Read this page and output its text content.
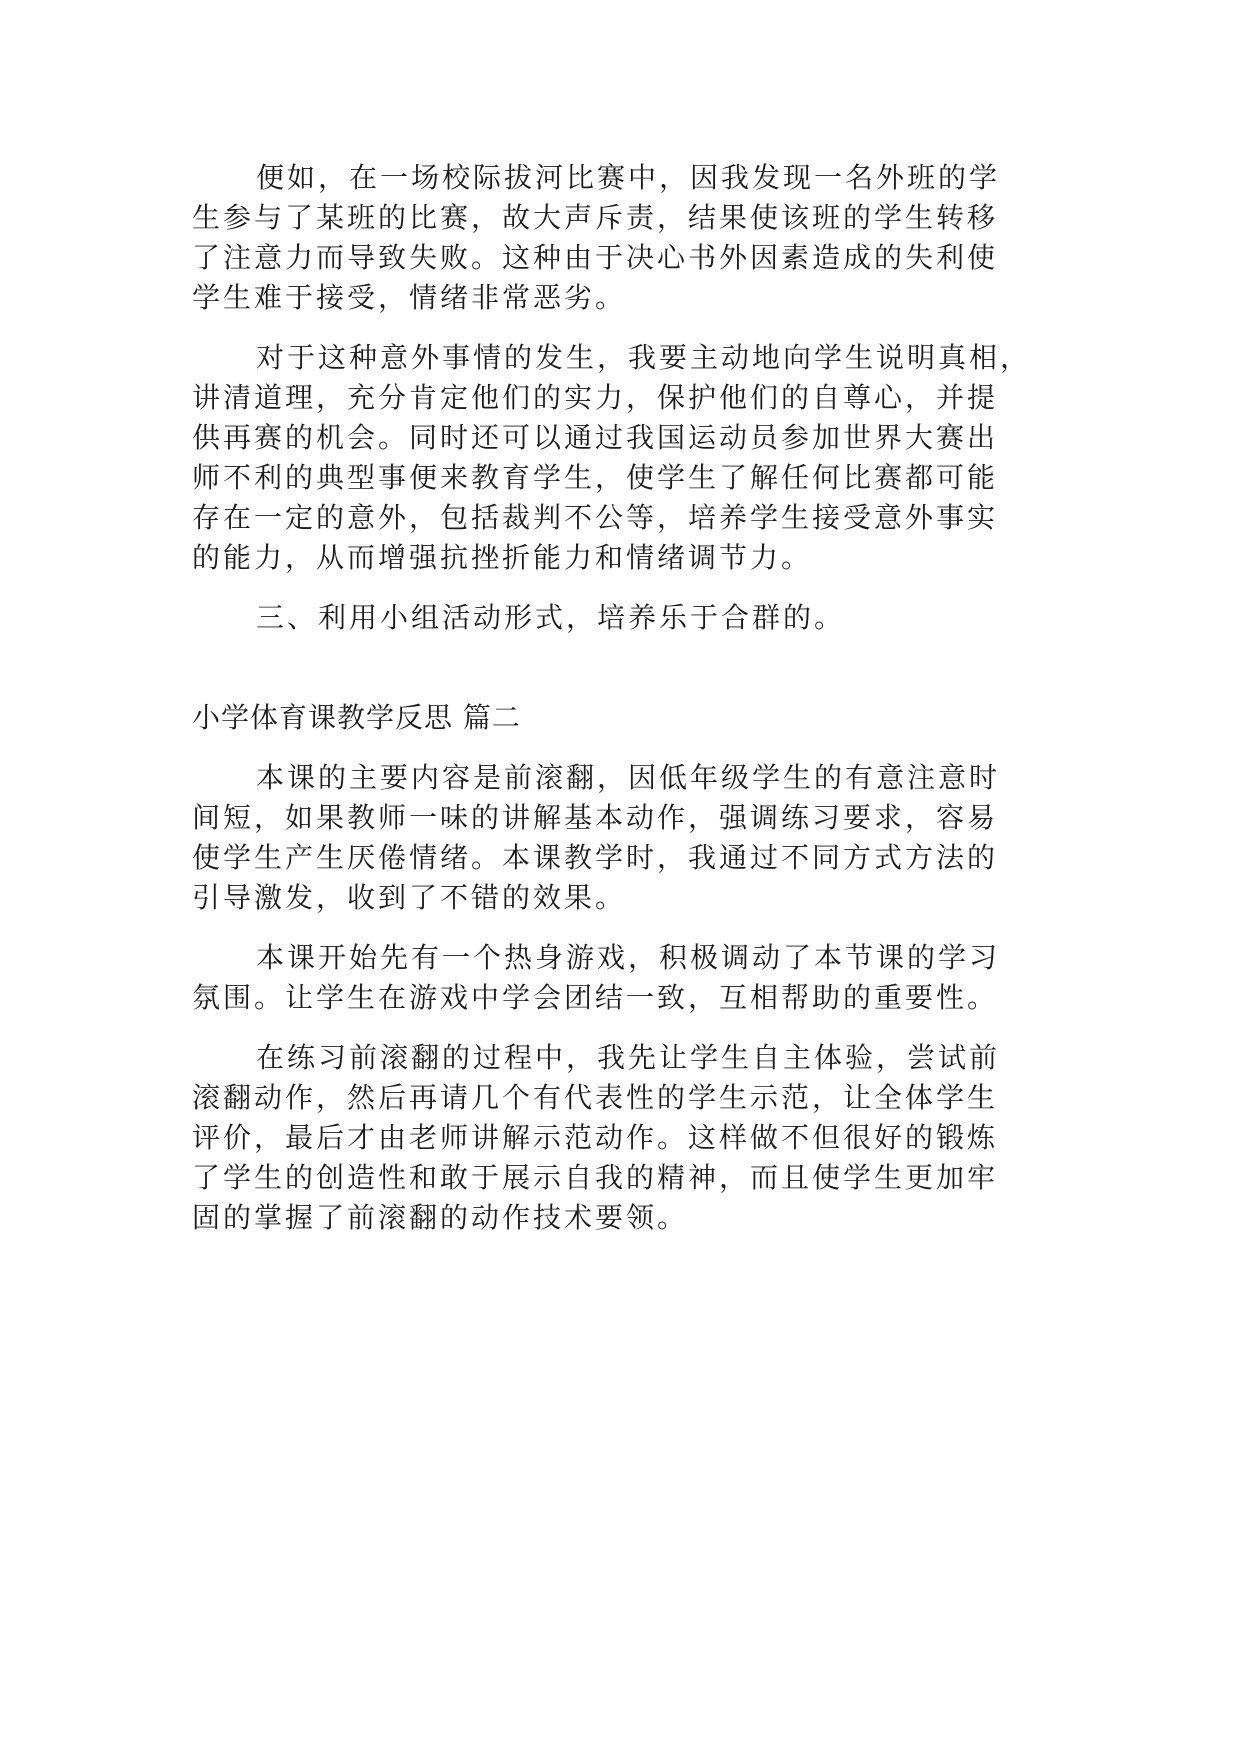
便如，在一场校际拔河比赛中，因我发现一名外班的学

生参与了某班的比赛，故大声斥责，结果使该班的学生转移

了注意力而导致失败。这种由于决心书外因素造成的失利使

学生难于接受，情绪非常恶劣。

对于这种意外事情的发生，我要主动地向学生说明真相，

讲清道理，充分肯定他们的实力，保护他们的自尊心，并提

供再赛的机会。同时还可以通过我国运动员参加世界大赛出

师不利的典型事便来教育学生，使学生了解任何比赛都可能

存在一定的意外，包括裁判不公等，培养学生接受意外事实

的能力，从而增强抗挫折能力和情绪调节力。

三、利用小组活动形式，培养乐于合群的。

小学体育课教学反思 篇二

本课的主要内容是前滚翻，因低年级学生的有意注意时

间短，如果教师一味的讲解基本动作，强调练习要求，容易

使学生产生厌倦情绪。本课教学时，我通过不同方式方法的

引导激发，收到了不错的效果。

本课开始先有一个热身游戏，积极调动了本节课的学习

氛围。让学生在游戏中学会团结一致，互相帮助的重要性。

在练习前滚翻的过程中，我先让学生自主体验，尝试前

滚翻动作，然后再请几个有代表性的学生示范，让全体学生

评价，最后才由老师讲解示范动作。这样做不但很好的锻炼

了学生的创造性和敢于展示自我的精神，而且使学生更加牢

固的掌握了前滚翻的动作技术要领。
